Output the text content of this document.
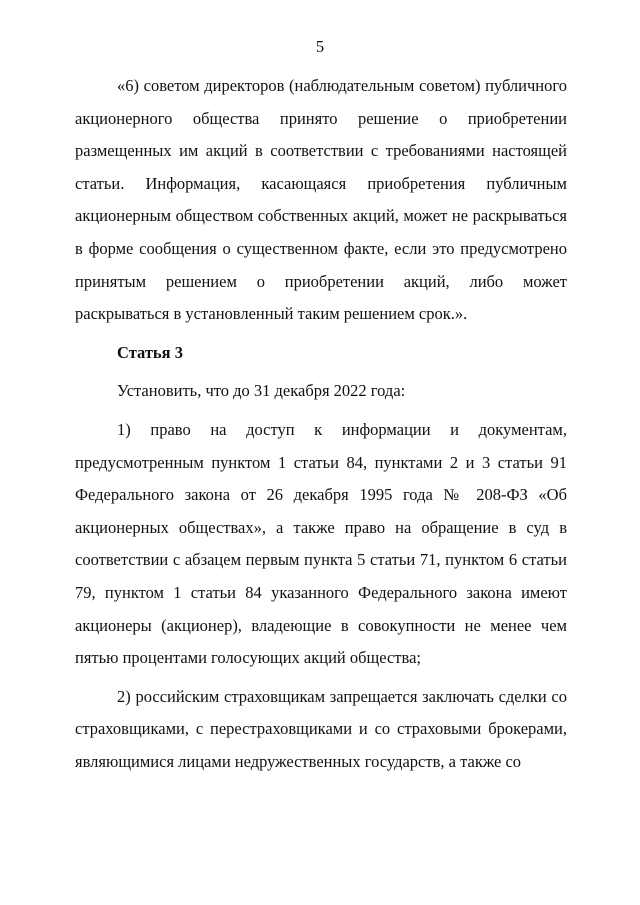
5

«6) советом директоров (наблюдательным советом) публичного акционерного общества принято решение о приобретении размещенных им акций в соответствии с требованиями настоящей статьи. Информация, касающаяся приобретения публичным акционерным обществом собственных акций, может не раскрываться в форме сообщения о существенном факте, если это предусмотрено принятым решением о приобретении акций, либо может раскрываться в установленный таким решением срок.».

Статья 3

Установить, что до 31 декабря 2022 года:

1) право на доступ к информации и документам, предусмотренным пунктом 1 статьи 84, пунктами 2 и 3 статьи 91 Федерального закона от 26 декабря 1995 года № 208-ФЗ «Об акционерных обществах», а также право на обращение в суд в соответствии с абзацем первым пункта 5 статьи 71, пунктом 6 статьи 79, пунктом 1 статьи 84 указанного Федерального закона имеют акционеры (акционер), владеющие в совокупности не менее чем пятью процентами голосующих акций общества;

2) российским страховщикам запрещается заключать сделки со страховщиками, с перестраховщиками и со страховыми брокерами, являющимися лицами недружественных государств, а также со
